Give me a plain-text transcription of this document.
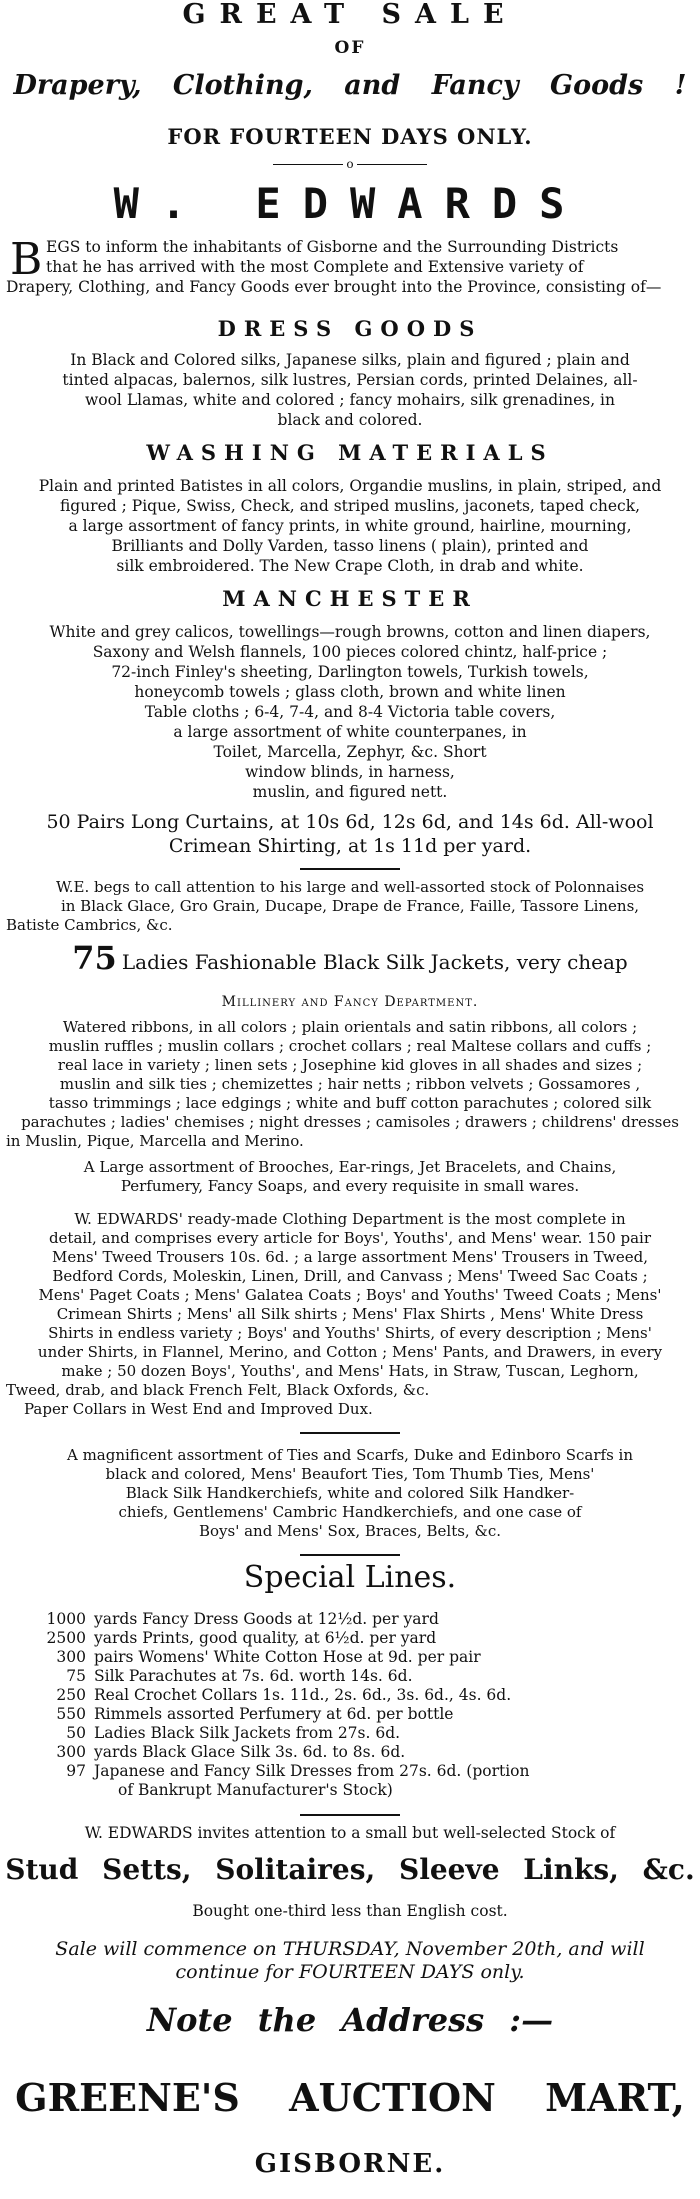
GREAT SALE
OF
Drapery, Clothing, and Fancy Goods !
FOR FOURTEEN DAYS ONLY.
o
W. EDWARDS
B EGS to inform the inhabitants of Gisborne and the Surrounding Districts
that he has arrived with the most Complete and Extensive variety of
Drapery, Clothing, and Fancy Goods ever brought into the Province, consisting of—
DRESS GOODS
In Black and Colored silks, Japanese silks, plain and figured ; plain and
tinted alpacas, balernos, silk lustres, Persian cords, printed Delaines, all-
wool Llamas, white and colored ; fancy mohairs, silk grenadines, in
black and colored.
WASHING MATERIALS
Plain and printed Batistes in all colors, Organdie muslins, in plain, striped, and
figured ; Pique, Swiss, Check, and striped muslins, jaconets, taped check,
a large assortment of fancy prints, in white ground, hairline, mourning,
Brilliants and Dolly Varden, tasso linens ( plain), printed and
silk embroidered. The New Crape Cloth, in drab and white.
MANCHESTER
White and grey calicos, towellings—rough browns, cotton and linen diapers,
Saxony and Welsh flannels, 100 pieces colored chintz, half-price ;
72-inch Finley's sheeting, Darlington towels, Turkish towels,
honeycomb towels ; glass cloth, brown and white linen
Table cloths ; 6-4, 7-4, and 8-4 Victoria table covers,
a large assortment of white counterpanes, in
Toilet, Marcella, Zephyr, &c. Short
window blinds, in harness,
muslin, and figured nett.
50 Pairs Long Curtains, at 10s 6d, 12s 6d, and 14s 6d. All-wool
Crimean Shirting, at 1s 11d per yard.
W.E. begs to call attention to his large and well-assorted stock of Polonnaises
in Black Glace, Gro Grain, Ducape, Drape de France, Faille, Tassore Linens,
Batiste Cambrics, &c.
75 Ladies Fashionable Black Silk Jackets, very cheap
Millinery and Fancy Department.
Watered ribbons, in all colors ; plain orientals and satin ribbons, all colors ;
muslin ruffles ; muslin collars ; crochet collars ; real Maltese collars and cuffs ;
real lace in variety ; linen sets ; Josephine kid gloves in all shades and sizes ;
muslin and silk ties ; chemizettes ; hair netts ; ribbon velvets ; Gossamores ,
tasso trimmings ; lace edgings ; white and buff cotton parachutes ; colored silk
parachutes ; ladies' chemises ; night dresses ; camisoles ; drawers ; childrens' dresses
in Muslin, Pique, Marcella and Merino.
A Large assortment of Brooches, Ear-rings, Jet Bracelets, and Chains,
Perfumery, Fancy Soaps, and every requisite in small wares.
W. EDWARDS' ready-made Clothing Department is the most complete in
detail, and comprises every article for Boys', Youths', and Mens' wear. 150 pair
Mens' Tweed Trousers 10s. 6d. ; a large assortment Mens' Trousers in Tweed,
Bedford Cords, Moleskin, Linen, Drill, and Canvass ; Mens' Tweed Sac Coats ;
Mens' Paget Coats ; Mens' Galatea Coats ; Boys' and Youths' Tweed Coats ; Mens'
Crimean Shirts ; Mens' all Silk shirts ; Mens' Flax Shirts , Mens' White Dress
Shirts in endless variety ; Boys' and Youths' Shirts, of every description ; Mens'
under Shirts, in Flannel, Merino, and Cotton ; Mens' Pants, and Drawers, in every
make ; 50 dozen Boys', Youths', and Mens' Hats, in Straw, Tuscan, Leghorn,
Tweed, drab, and black French Felt, Black Oxfords, &c.
Paper Collars in West End and Improved Dux.
A magnificent assortment of Ties and Scarfs, Duke and Edinboro Scarfs in
black and colored, Mens' Beaufort Ties, Tom Thumb Ties, Mens'
Black Silk Handkerchiefs, white and colored Silk Handker-
chiefs, Gentlemens' Cambric Handkerchiefs, and one case of
Boys' and Mens' Sox, Braces, Belts, &c.
Special Lines.
1000 yards Fancy Dress Goods at 12½d. per yard
2500 yards Prints, good quality, at 6½d. per yard
300 pairs Womens' White Cotton Hose at 9d. per pair
75 Silk Parachutes at 7s. 6d. worth 14s. 6d.
250 Real Crochet Collars 1s. 11d., 2s. 6d., 3s. 6d., 4s. 6d.
550 Rimmels assorted Perfumery at 6d. per bottle
50 Ladies Black Silk Jackets from 27s. 6d.
300 yards Black Glace Silk 3s. 6d. to 8s. 6d.
97 Japanese and Fancy Silk Dresses from 27s. 6d. (portion
of Bankrupt Manufacturer's Stock)
W. EDWARDS invites attention to a small but well-selected Stock of
Stud Setts, Solitaires, Sleeve Links, &c.
Bought one-third less than English cost.
Sale will commence on THURSDAY, November 20th, and will
continue for FOURTEEN DAYS only.
Note the Address :—
GREENE'S AUCTION MART,
GISBORNE.
